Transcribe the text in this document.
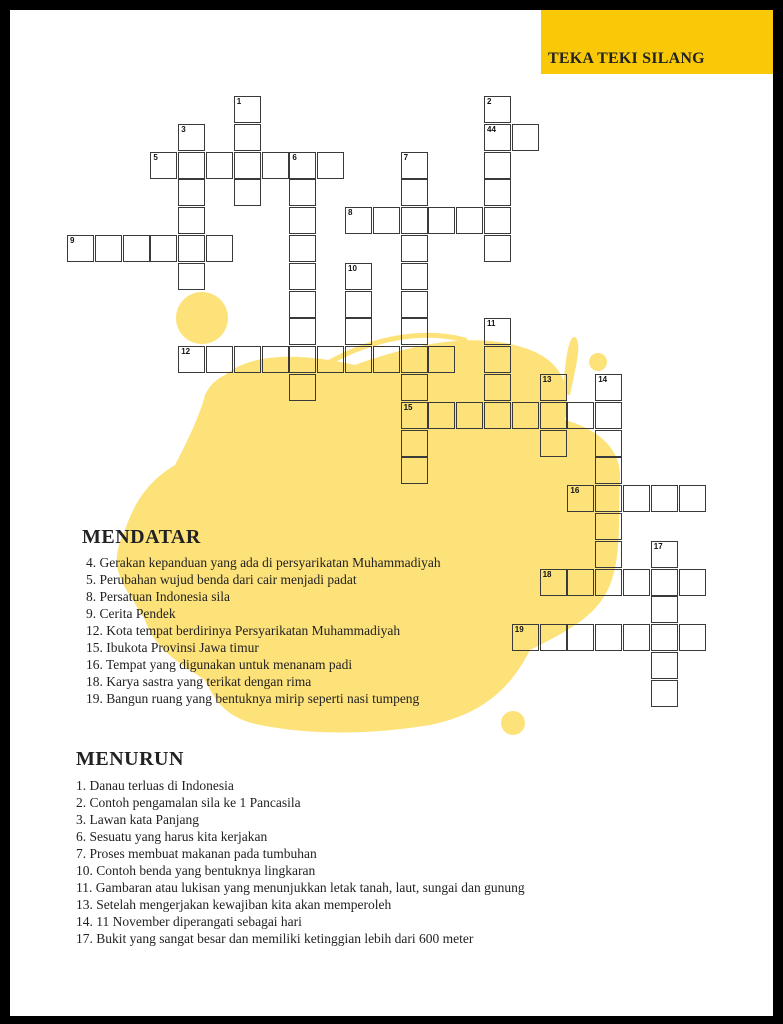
TEKA TEKI SILANG
1	2
44
3
5	6	7
15
8
9
10
11
12
13	14
16
17
18
19
MENDATAR
4. Gerakan kepanduan yang ada di persyarikatan Muhammadiyah
5. Perubahan wujud benda dari cair menjadi padat
8. Persatuan Indonesia sila
9. Cerita Pendek
12. Kota tempat berdirinya Persyarikatan Muhammadiyah
15. Ibukota Provinsi Jawa timur
16. Tempat yang digunakan untuk menanam padi
18. Karya sastra yang terikat dengan rima
19. Bangun ruang yang bentuknya mirip seperti nasi tumpeng
MENURUN
1. Danau terluas di Indonesia
2. Contoh pengamalan sila ke 1 Pancasila
3. Lawan kata Panjang
6. Sesuatu yang harus kita kerjakan
7. Proses membuat makanan pada tumbuhan
10. Contoh benda yang bentuknya lingkaran
11. Gambaran atau lukisan yang menunjukkan letak tanah, laut, sungai dan gunung
13. Setelah mengerjakan kewajiban kita akan memperoleh
14. 11 November diperangati sebagai hari
17. Bukit yang sangat besar dan memiliki ketinggian lebih dari 600 meter
